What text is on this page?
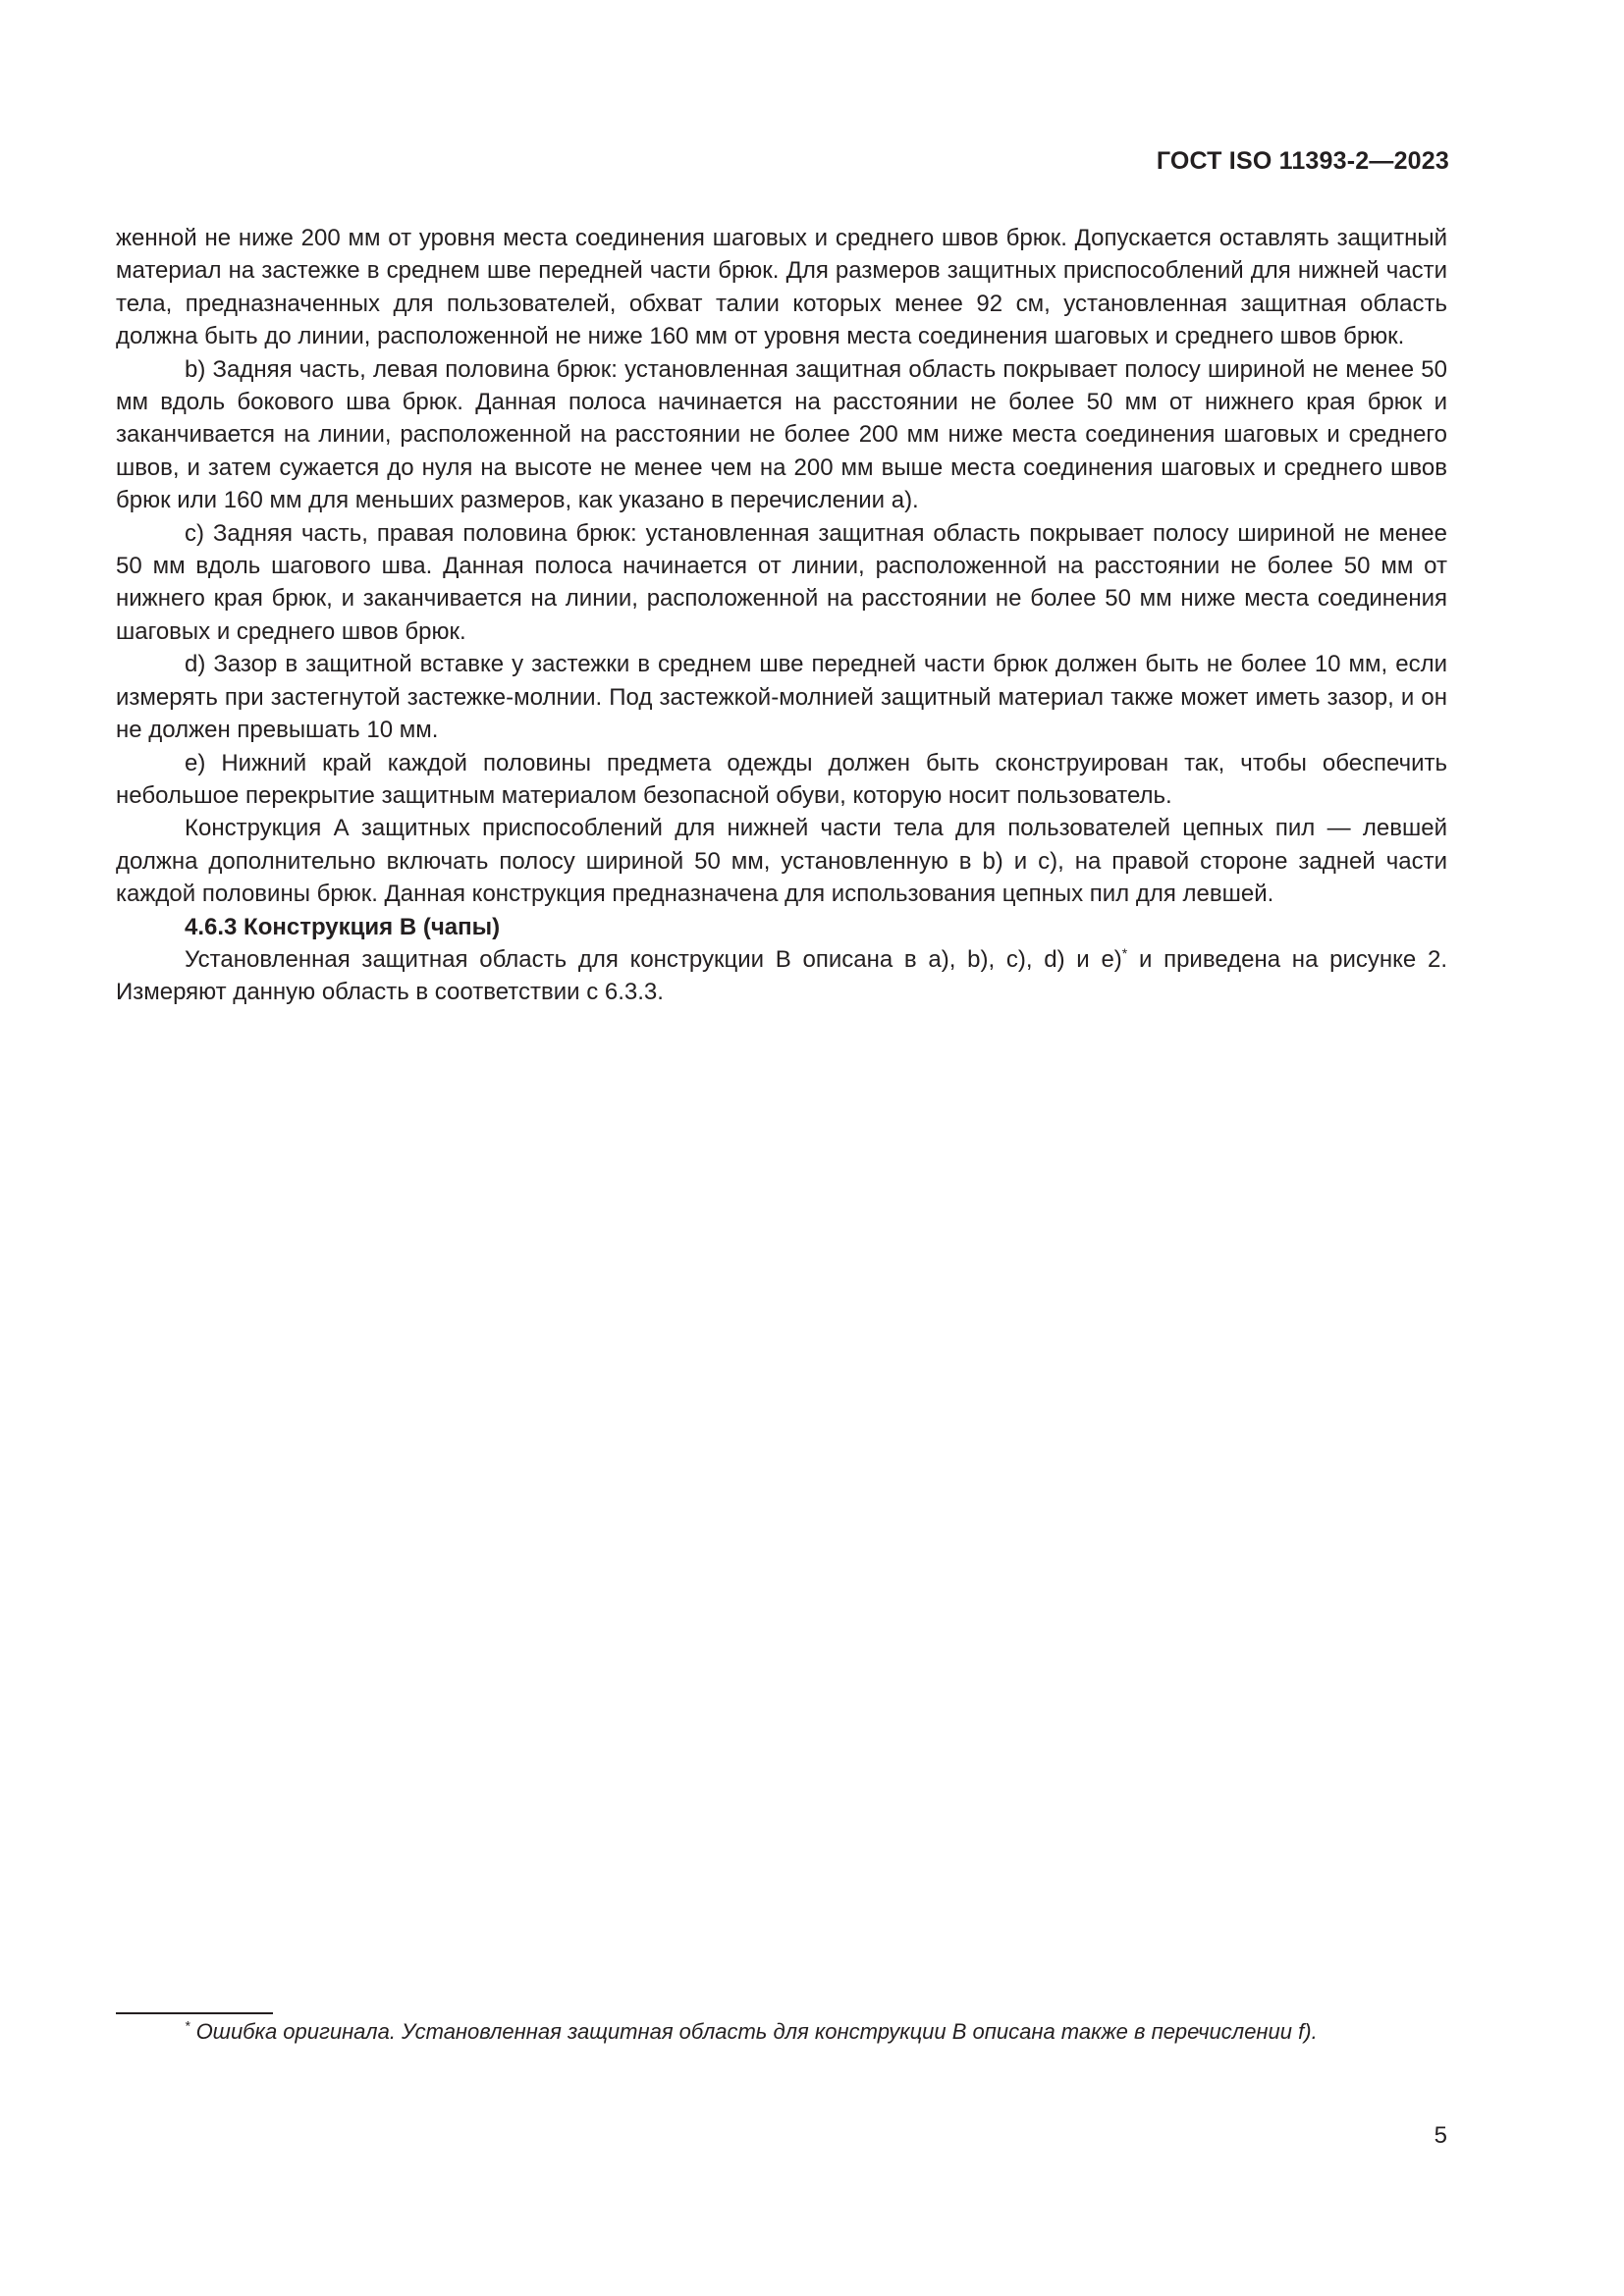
ГОСТ ISO 11393-2—2023

женной не ниже 200 мм от уровня места соединения шаговых и среднего швов брюк. Допускается оставлять защитный материал на застежке в среднем шве передней части брюк. Для размеров защитных приспособлений для нижней части тела, предназначенных для пользователей, обхват талии которых менее 92 см, установленная защитная область должна быть до линии, расположенной не ниже 160 мм от уровня места соединения шаговых и среднего швов брюк.

b) Задняя часть, левая половина брюк: установленная защитная область покрывает полосу шириной не менее 50 мм вдоль бокового шва брюк. Данная полоса начинается на расстоянии не более 50 мм от нижнего края брюк и заканчивается на линии, расположенной на расстоянии не более 200 мм ниже места соединения шаговых и среднего швов, и затем сужается до нуля на высоте не менее чем на 200 мм выше места соединения шаговых и среднего швов брюк или 160 мм для меньших размеров, как указано в перечислении а).

c) Задняя часть, правая половина брюк: установленная защитная область покрывает полосу шириной не менее 50 мм вдоль шагового шва. Данная полоса начинается от линии, расположенной на расстоянии не более 50 мм от нижнего края брюк, и заканчивается на линии, расположенной на расстоянии не более 50 мм ниже места соединения шаговых и среднего швов брюк.

d) Зазор в защитной вставке у застежки в среднем шве передней части брюк должен быть не более 10 мм, если измерять при застегнутой застежке-молнии. Под застежкой-молнией защитный материал также может иметь зазор, и он не должен превышать 10 мм.

e) Нижний край каждой половины предмета одежды должен быть сконструирован так, чтобы обеспечить небольшое перекрытие защитным материалом безопасной обуви, которую носит пользователь.

Конструкция А защитных приспособлений для нижней части тела для пользователей цепных пил — левшей должна дополнительно включать полосу шириной 50 мм, установленную в b) и c), на правой стороне задней части каждой половины брюк. Данная конструкция предназначена для использования цепных пил для левшей.

4.6.3 Конструкция В (чапы)

Установленная защитная область для конструкции В описана в а), b), c), d) и e)* и приведена на рисунке 2. Измеряют данную область в соответствии с 6.3.3.

* Ошибка оригинала. Установленная защитная область для конструкции В описана также в перечислении f).
5
